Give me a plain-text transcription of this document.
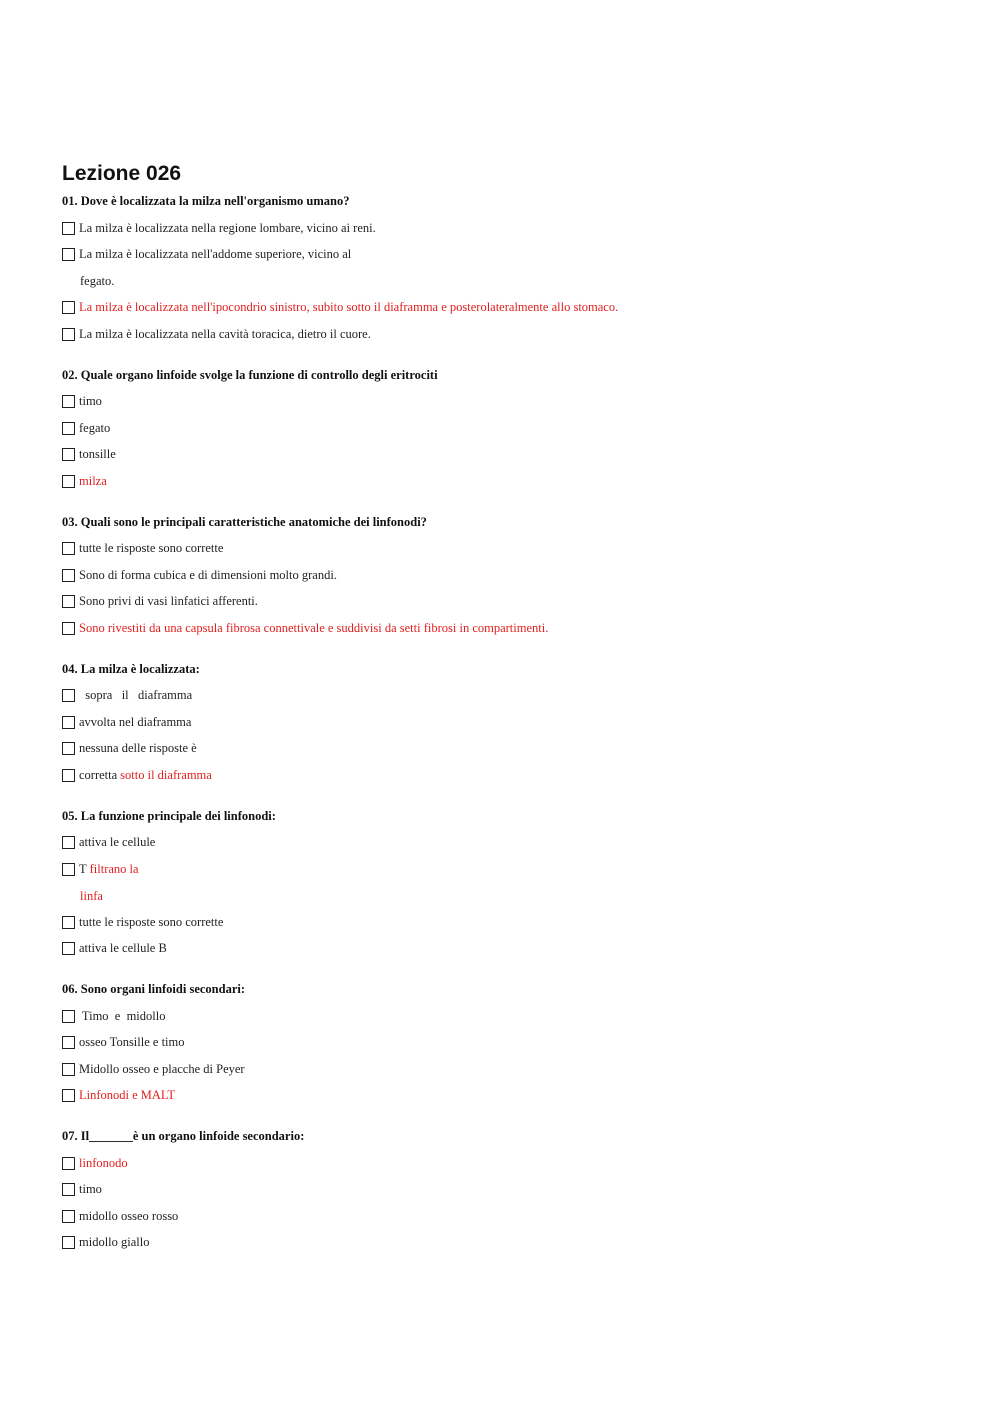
Lezione 026

01. Dove è localizzata la milza nell'organismo umano?

La milza è localizzata nella regione lombare, vicino ai reni.
La milza è localizzata nell'addome superiore, vicino al
fegato.
La milza è localizzata nell'ipocondrio sinistro, subito sotto il diaframma e posterolateralmente allo stomaco.
La milza è localizzata nella cavità toracica, dietro il cuore.

02. Quale organo linfoide svolge la funzione di controllo degli eritrociti

timo
fegato
tonsille
milza

03. Quali sono le principali caratteristiche anatomiche dei linfonodi?

tutte le risposte sono corrette
Sono di forma cubica e di dimensioni molto grandi.
Sono privi di vasi linfatici afferenti.
Sono rivestiti da una capsula fibrosa connettivale e suddivisi da setti fibrosi in compartimenti.

04. La milza è localizzata:

sopra   il   diaframma
avvolta nel diaframma
nessuna delle risposte è
corretta sotto il diaframma

05. La funzione principale dei linfonodi:

attiva le cellule
T filtrano la
linfa
tutte le risposte sono corrette
attiva le cellule B

06. Sono organi linfoidi secondari:

Timo  e  midollo
osseo Tonsille e timo
Midollo osseo e placche di Peyer
Linfonodi e MALT

07. Il_______è un organo linfoide secondario:

linfonodo
timo
midollo osseo rosso
midollo giallo
